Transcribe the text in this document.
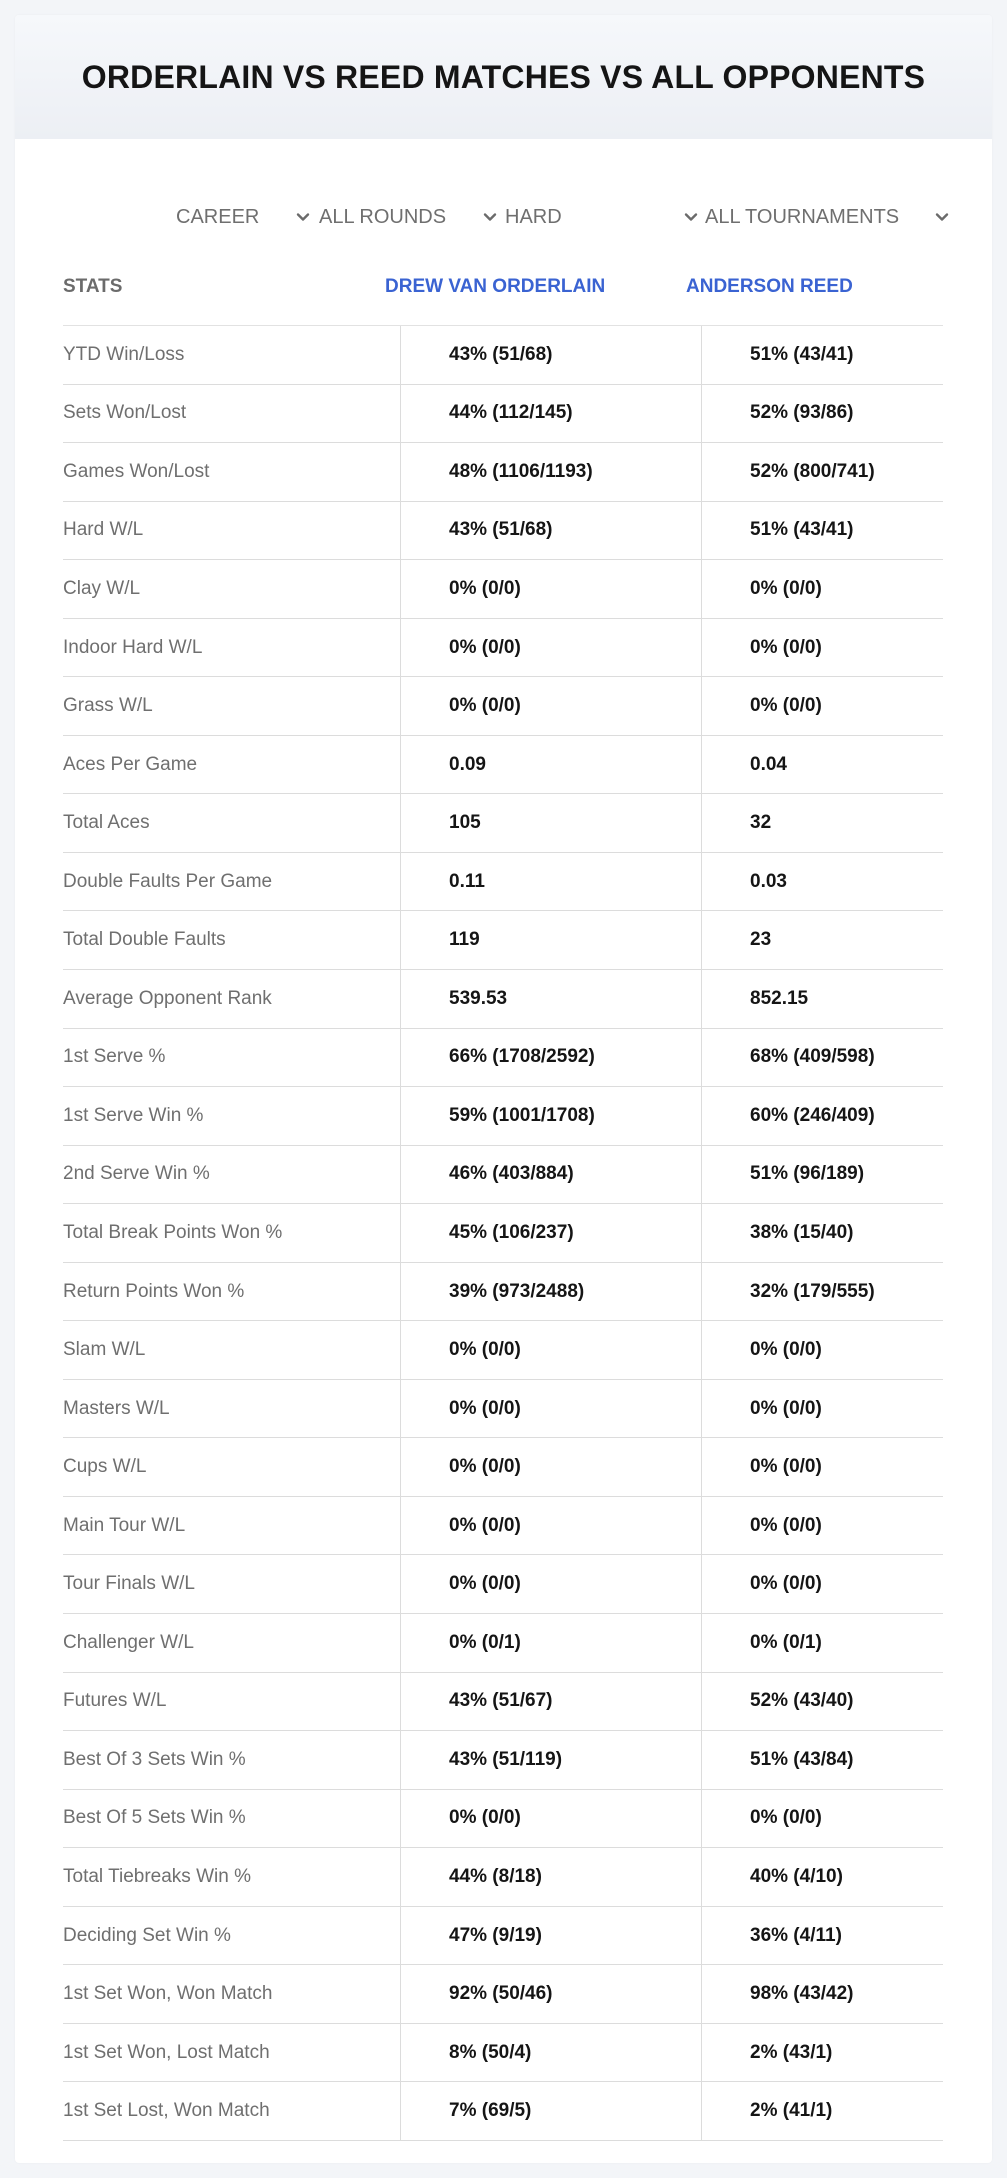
ORDERLAIN VS REED MATCHES VS ALL OPPONENTS
CAREER	ALL ROUNDS	HARD	ALL TOURNAMENTS
STATS	DREW VAN ORDERLAIN	ANDERSON REED
YTD Win/Loss	43% (51/68)	51% (43/41)
Sets Won/Lost	44% (112/145)	52% (93/86)
Games Won/Lost	48% (1106/1193)	52% (800/741)
Hard W/L	43% (51/68)	51% (43/41)
Clay W/L	0% (0/0)	0% (0/0)
Indoor Hard W/L	0% (0/0)	0% (0/0)
Grass W/L	0% (0/0)	0% (0/0)
Aces Per Game	0.09	0.04
Total Aces	105	32
Double Faults Per Game	0.11	0.03
Total Double Faults	119	23
Average Opponent Rank	539.53	852.15
1st Serve %	66% (1708/2592)	68% (409/598)
1st Serve Win %	59% (1001/1708)	60% (246/409)
2nd Serve Win %	46% (403/884)	51% (96/189)
Total Break Points Won %	45% (106/237)	38% (15/40)
Return Points Won %	39% (973/2488)	32% (179/555)
Slam W/L	0% (0/0)	0% (0/0)
Masters W/L	0% (0/0)	0% (0/0)
Cups W/L	0% (0/0)	0% (0/0)
Main Tour W/L	0% (0/0)	0% (0/0)
Tour Finals W/L	0% (0/0)	0% (0/0)
Challenger W/L	0% (0/1)	0% (0/1)
Futures W/L	43% (51/67)	52% (43/40)
Best Of 3 Sets Win %	43% (51/119)	51% (43/84)
Best Of 5 Sets Win %	0% (0/0)	0% (0/0)
Total Tiebreaks Win %	44% (8/18)	40% (4/10)
Deciding Set Win %	47% (9/19)	36% (4/11)
1st Set Won, Won Match	92% (50/46)	98% (43/42)
1st Set Won, Lost Match	8% (50/4)	2% (43/1)
1st Set Lost, Won Match	7% (69/5)	2% (41/1)
